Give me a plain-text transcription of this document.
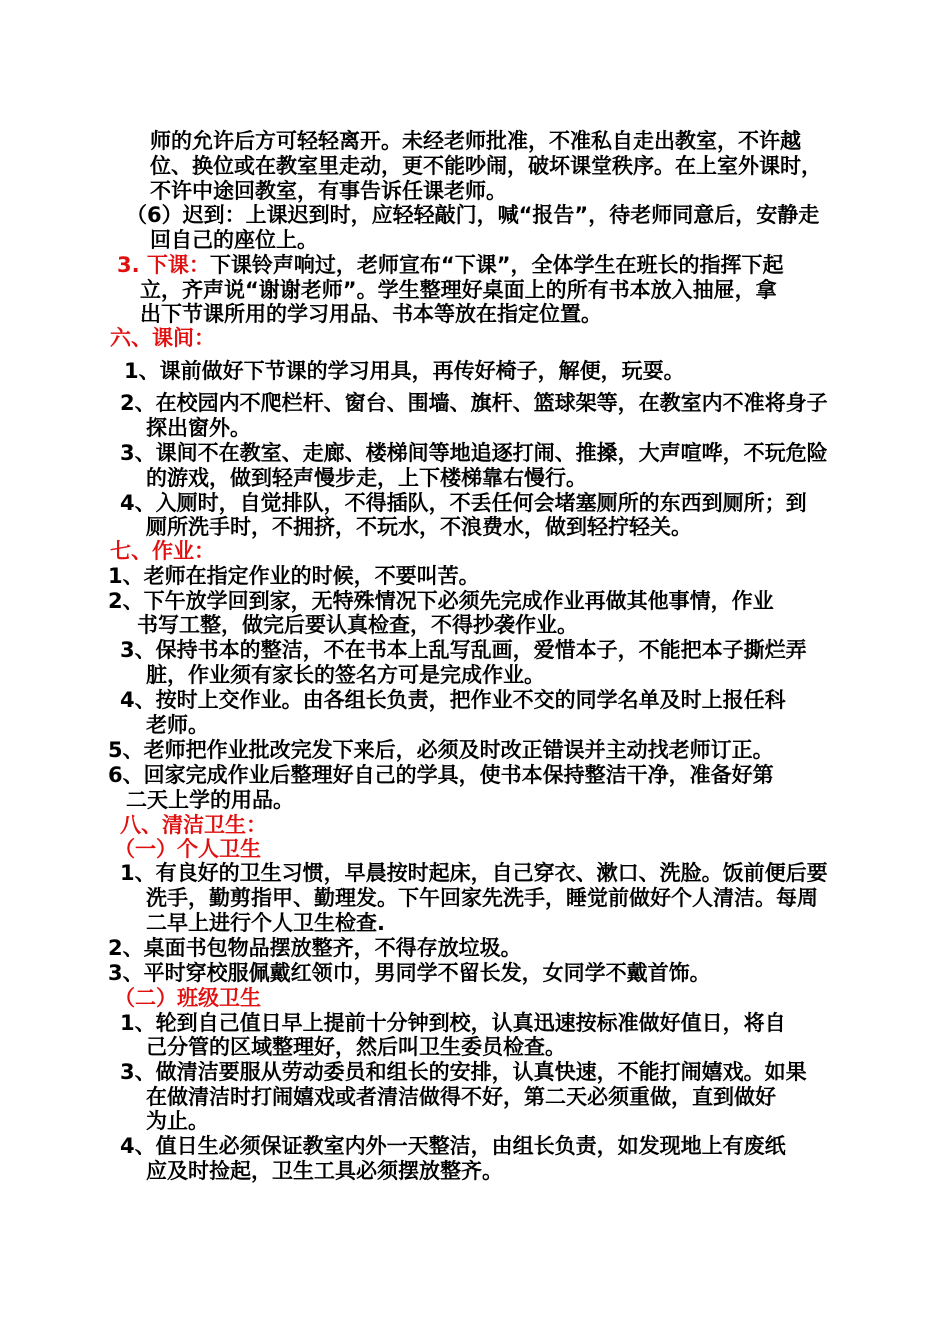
师的允许后方可轻轻离开。未经老师批准，不准私自走出教室，不许越
位、换位或在教室里走动，更不能吵闹，破坏课堂秩序。在上室外课时，
不许中途回教室，有事告诉任课老师。
（6）迟到：上课迟到时，应轻轻敲门，喊“报告”，待老师同意后，安静走
回自己的座位上。
3. 下课：下课铃声响过，老师宣布“下课”，全体学生在班长的指挥下起
立，齐声说“谢谢老师”。学生整理好桌面上的所有书本放入抽屉，拿
出下节课所用的学习用品、书本等放在指定位置。
六、课间：
1、课前做好下节课的学习用具，再传好椅子，解便，玩耍。
2、在校园内不爬栏杆、窗台、围墙、旗杆、篮球架等，在教室内不准将身子
探出窗外。
3、课间不在教室、走廊、楼梯间等地追逐打闹、推搡，大声喧哗，不玩危险
的游戏，做到轻声慢步走，上下楼梯靠右慢行。
4、入厕时，自觉排队，不得插队，不丢任何会堵塞厕所的东西到厕所；到
厕所洗手时，不拥挤，不玩水，不浪费水，做到轻拧轻关。
七、作业：
1、老师在指定作业的时候，不要叫苦。
2、下午放学回到家，无特殊情况下必须先完成作业再做其他事情，作业
书写工整，做完后要认真检查，不得抄袭作业。
3、保持书本的整洁，不在书本上乱写乱画，爱惜本子，不能把本子撕烂弄
脏，作业须有家长的签名方可是完成作业。
4、按时上交作业。由各组长负责，把作业不交的同学名单及时上报任科
老师。
5、老师把作业批改完发下来后，必须及时改正错误并主动找老师订正。
6、回家完成作业后整理好自己的学具，使书本保持整洁干净，准备好第
二天上学的用品。
八、清洁卫生：
（一）个人卫生
1、有良好的卫生习惯，早晨按时起床，自己穿衣、漱口、洗脸。饭前便后要
洗手，勤剪指甲、勤理发。下午回家先洗手，睡觉前做好个人清洁。每周
二早上进行个人卫生检查.
2、桌面书包物品摆放整齐，不得存放垃圾。
3、平时穿校服佩戴红领巾，男同学不留长发，女同学不戴首饰。
（二）班级卫生
1、轮到自己值日早上提前十分钟到校，认真迅速按标准做好值日，将自
己分管的区域整理好，然后叫卫生委员检查。
3、做清洁要服从劳动委员和组长的安排，认真快速，不能打闹嬉戏。如果
在做清洁时打闹嬉戏或者清洁做得不好，第二天必须重做，直到做好
为止。
4、值日生必须保证教室内外一天整洁，由组长负责，如发现地上有废纸
应及时捡起，卫生工具必须摆放整齐。
